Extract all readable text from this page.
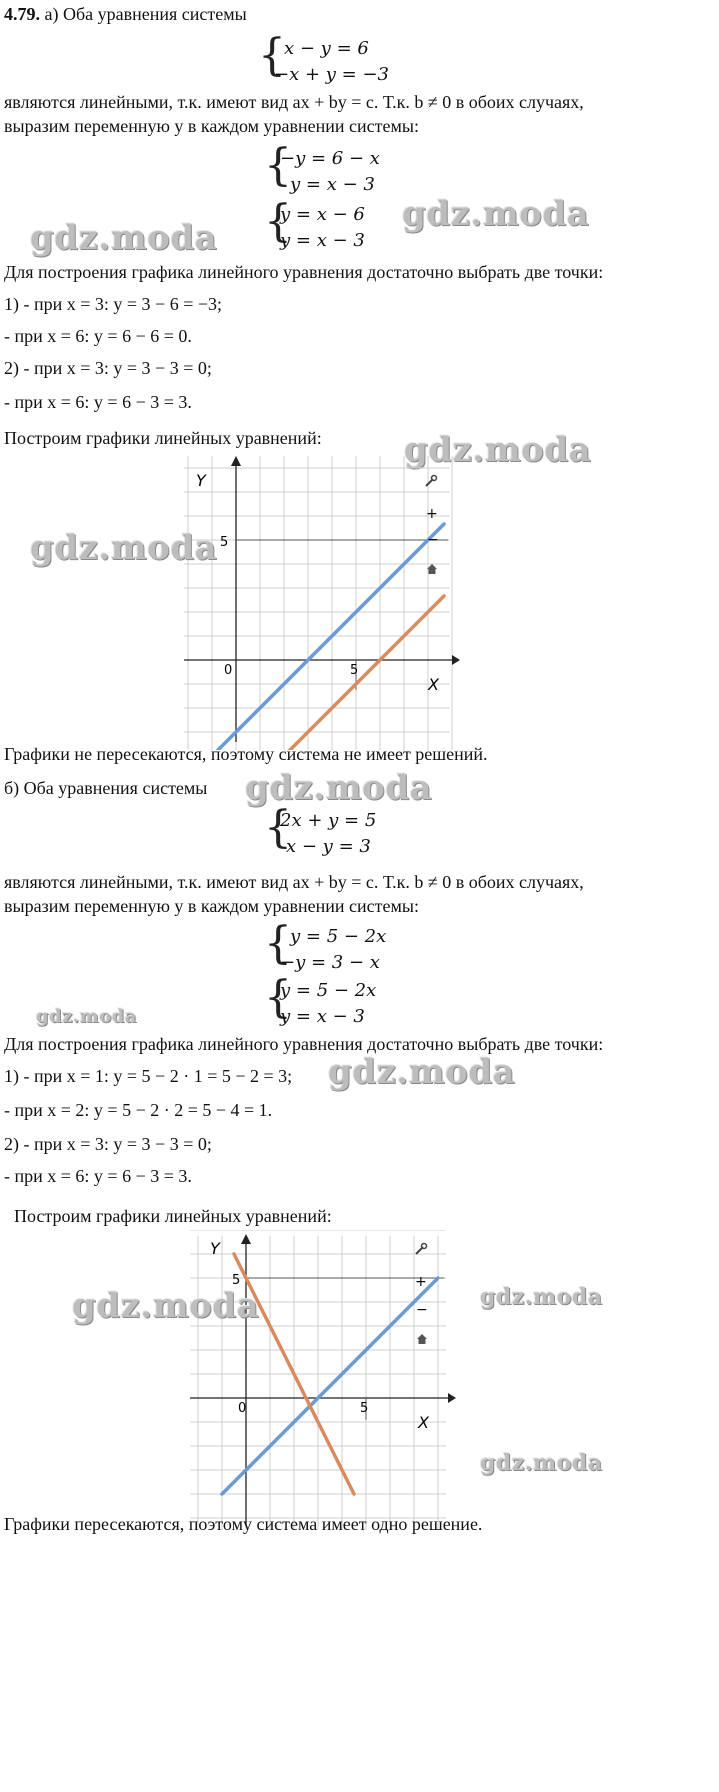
4.79. а) Оба уравнения системы
{
x − y = 6
−x + y = −3
являются линейными, т.к. имеют вид ax + by = c. Т.к. b ≠ 0 в обоих случаях,
выразим переменную y в каждом уравнении системы:
{
−y = 6 − x
y = x − 3
{
y = x − 6
y = x − 3
gdz.moda
gdz.moda
Для построения графика линейного уравнения достаточно выбрать две точки:
1) - при x = 3: y = 3 − 6 = −3;
- при x = 6: y = 6 − 6 = 0.
2) - при x = 3: y = 3 − 3 = 0;
- при x = 6: y = 6 − 3 = 3.
Построим графики линейных уравнений: gdz.moda
Y
5
0	5
X
+
−
gdz.moda
Графики не пересекаются, поэтому система не имеет решений.
gdz.moda
б) Оба уравнения системы
{
2x + y = 5
x − y = 3
являются линейными, т.к. имеют вид ax + by = c. Т.к. b ≠ 0 в обоих случаях,
выразим переменную y в каждом уравнении системы:
{
y = 5 − 2x
−y = 3 − x
{
y = 5 − 2x
y = x − 3
gdz.moda
Для построения графика линейного уравнения достаточно выбрать две точки:
1) - при x = 1: y = 5 − 2 · 1 = 5 − 2 = 3; gdz.moda
- при x = 2: y = 5 − 2 · 2 = 5 − 4 = 1.
2) - при x = 3: y = 3 − 3 = 0;
- при x = 6: y = 6 − 3 = 3.
Построим графики линейных уравнений:
Y
5
0	5
X
+
−
gdz.moda	gdz.moda
gdz.moda
Графики пересекаются, поэтому система имеет одно решение.
